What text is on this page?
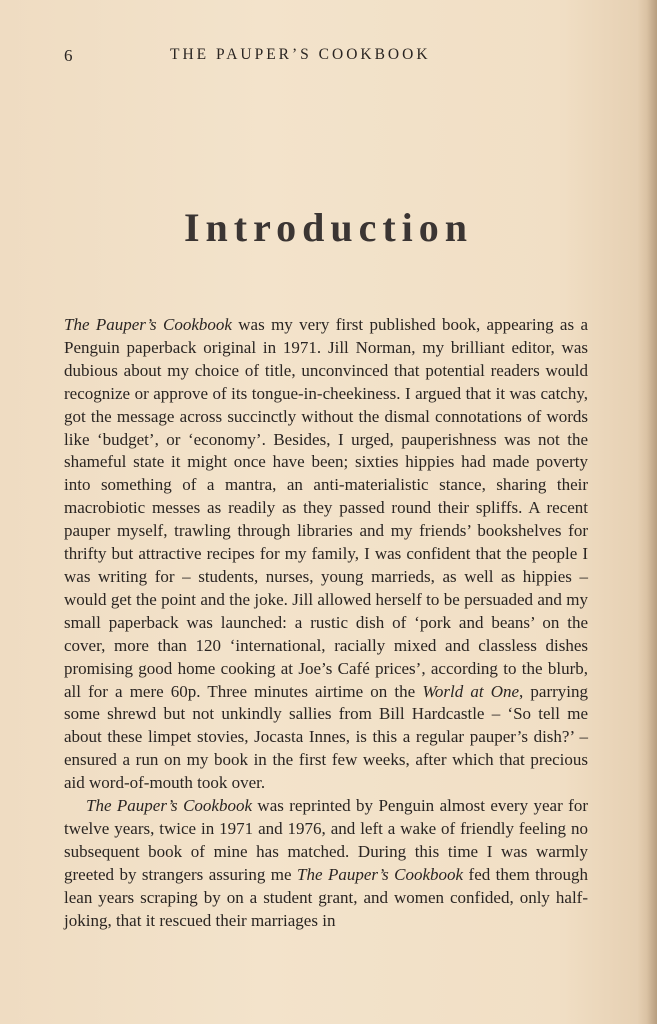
6	THE PAUPER’S COOKBOOK
Introduction

The Pauper’s Cookbook was my very first published book, appearing as a Penguin paperback original in 1971. Jill Norman, my brilliant editor, was dubious about my choice of title, unconvinced that potential readers would recognize or approve of its tongue-in-cheekiness. I argued that it was catchy, got the message across succinctly without the dismal connotations of words like ‘budget’, or ‘economy’. Besides, I urged, pauperishness was not the shameful state it might once have been; sixties hippies had made poverty into something of a mantra, an anti-materialistic stance, sharing their macrobiotic messes as readily as they passed round their spliffs. A recent pauper myself, trawling through libraries and my friends’ bookshelves for thrifty but attractive recipes for my family, I was confident that the people I was writing for – students, nurses, young marrieds, as well as hippies – would get the point and the joke. Jill allowed herself to be persuaded and my small paperback was launched: a rustic dish of ‘pork and beans’ on the cover, more than 120 ‘international, racially mixed and classless dishes promising good home cooking at Joe’s Café prices’, according to the blurb, all for a mere 60p. Three minutes airtime on the World at One, parrying some shrewd but not unkindly sallies from Bill Hardcastle – ‘So tell me about these limpet stovies, Jocasta Innes, is this a regular pauper’s dish?’ – ensured a run on my book in the first few weeks, after which that precious aid word-of-mouth took over.

The Pauper’s Cookbook was reprinted by Penguin almost every year for twelve years, twice in 1971 and 1976, and left a wake of friendly feeling no subsequent book of mine has matched. During this time I was warmly greeted by strangers assuring me The Pauper’s Cookbook fed them through lean years scraping by on a student grant, and women confided, only half-joking, that it rescued their marriages in
